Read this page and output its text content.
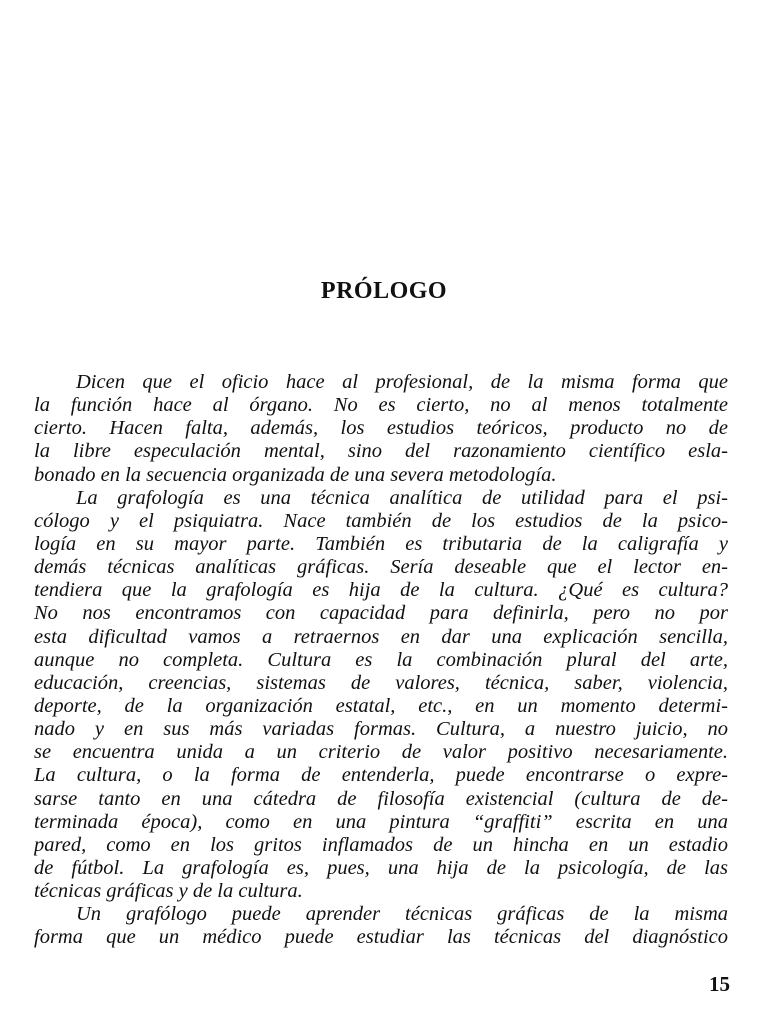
PRÓLOGO
Dicen que el oficio hace al profesional, de la misma forma que
la función hace al órgano. No es cierto, no al menos totalmente
cierto. Hacen falta, además, los estudios teóricos, producto no de
la libre especulación mental, sino del razonamiento científico esla-
bonado en la secuencia organizada de una severa metodología.
La grafología es una técnica analítica de utilidad para el psi-
cólogo y el psiquiatra. Nace también de los estudios de la psico-
logía en su mayor parte. También es tributaria de la caligrafía y
demás técnicas analíticas gráficas. Sería deseable que el lector en-
tendiera que la grafología es hija de la cultura. ¿Qué es cultura?
No nos encontramos con capacidad para definirla, pero no por
esta dificultad vamos a retraernos en dar una explicación sencilla,
aunque no completa. Cultura es la combinación plural del arte,
educación, creencias, sistemas de valores, técnica, saber, violencia,
deporte, de la organización estatal, etc., en un momento determi-
nado y en sus más variadas formas. Cultura, a nuestro juicio, no
se encuentra unida a un criterio de valor positivo necesariamente.
La cultura, o la forma de entenderla, puede encontrarse o expre-
sarse tanto en una cátedra de filosofía existencial (cultura de de-
terminada época), como en una pintura “graffiti” escrita en una
pared, como en los gritos inflamados de un hincha en un estadio
de fútbol. La grafología es, pues, una hija de la psicología, de las
técnicas gráficas y de la cultura.
Un grafólogo puede aprender técnicas gráficas de la misma
forma que un médico puede estudiar las técnicas del diagnóstico
15
